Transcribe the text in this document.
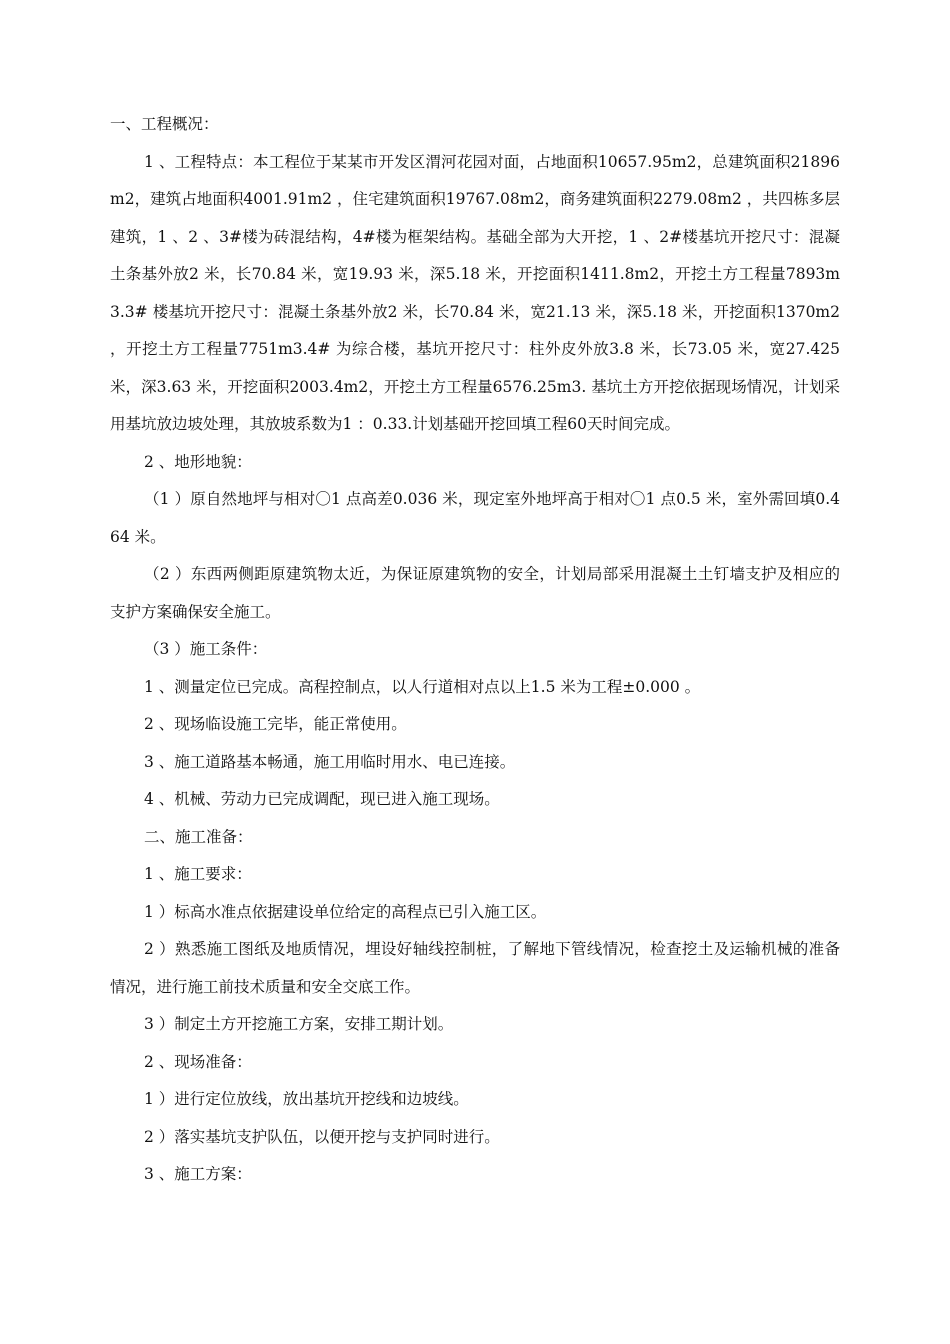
一、工程概况：

1 、工程特点：本工程位于某某市开发区渭河花园对面，占地面积10657.95m2，总建筑面积21896m2，建筑占地面积4001.91m2 ，住宅建筑面积19767.08m2，商务建筑面积2279.08m2 ，共四栋多层建筑，1 、2 、3#楼为砖混结构，4#楼为框架结构。基础全部为大开挖，1 、2#楼基坑开挖尺寸：混凝土条基外放2 米，长70.84 米，宽19.93 米，深5.18 米，开挖面积1411.8m2，开挖土方工程量7893m3.3# 楼基坑开挖尺寸：混凝土条基外放2 米，长70.84 米，宽21.13 米，深5.18 米，开挖面积1370m2 ，开挖土方工程量7751m3.4# 为综合楼，基坑开挖尺寸：柱外皮外放3.8 米，长73.05 米，宽27.425 米，深3.63 米，开挖面积2003.4m2，开挖土方工程量6576.25m3. 基坑土方开挖依据现场情况，计划采用基坑放边坡处理，其放坡系数为1 ：0.33.计划基础开挖回填工程60天时间完成。

2 、地形地貌：

（1 ）原自然地坪与相对〇1 点高差0.036 米，现定室外地坪高于相对〇1 点0.5 米，室外需回填0.464 米。

（2 ）东西两侧距原建筑物太近，为保证原建筑物的安全，计划局部采用混凝土土钉墙支护及相应的支护方案确保安全施工。

（3 ）施工条件：

1 、测量定位已完成。高程控制点，以人行道相对点以上1.5 米为工程±0.000 。

2 、现场临设施工完毕，能正常使用。

3 、施工道路基本畅通，施工用临时用水、电已连接。

4 、机械、劳动力已完成调配，现已进入施工现场。

二、施工准备：

1 、施工要求：

1 ）标高水准点依据建设单位给定的高程点已引入施工区。

2 ）熟悉施工图纸及地质情况，埋设好轴线控制桩，了解地下管线情况，检查挖土及运输机械的准备情况，进行施工前技术质量和安全交底工作。

3 ）制定土方开挖施工方案，安排工期计划。

2 、现场准备：

1 ）进行定位放线，放出基坑开挖线和边坡线。

2 ）落实基坑支护队伍，以便开挖与支护同时进行。

3 、施工方案：
